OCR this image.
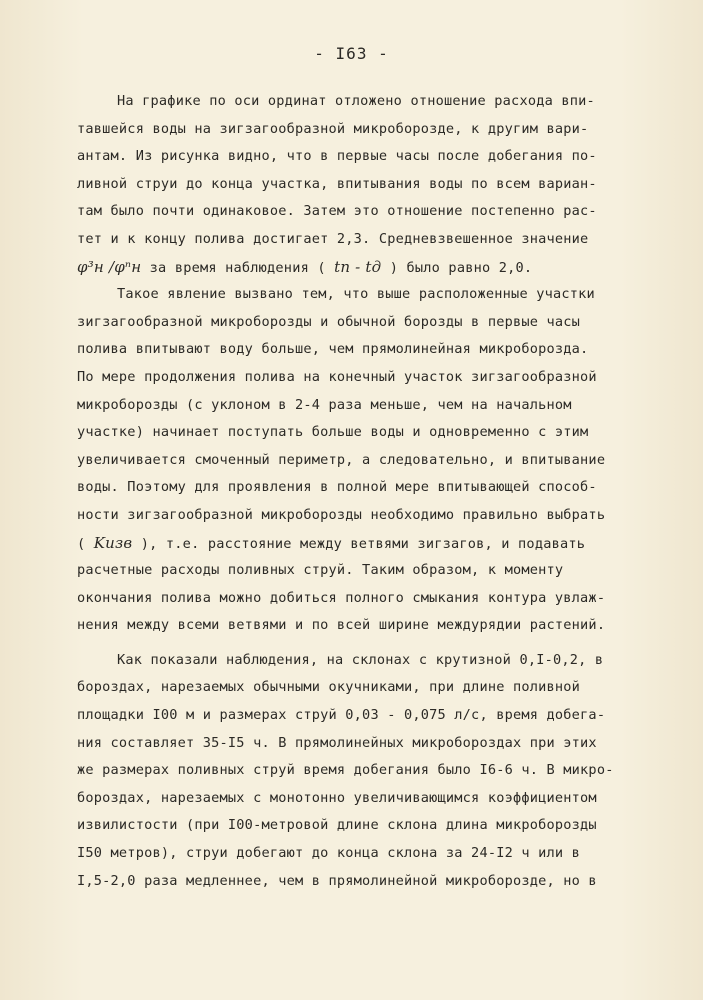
- I63 -
На графике по оси ординат отложено отношение расхода впи-
тавшейся воды на зигзагообразной микроборозде, к другим вари-
антам. Из рисунка видно, что в первые часы после добегания по-
ливной струи до конца участка, впитывания воды по всем вариан-
там было почти одинаковое. Затем это отношение постепенно рас-
тет и к концу полива достигает 2,3. Средневзвешенное значение
φ³н /φⁿн за время наблюдения ( tп - tд ) было равно 2,0.
Такое явление вызвано тем, что выше расположенные участки
зигзагообразной микроборозды и обычной борозды в первые часы
полива впитывают воду больше, чем прямолинейная микроборозда.
По мере продолжения полива на конечный участок зигзагообразной
микроборозды (с уклоном в 2-4 раза меньше, чем на начальном
участке) начинает поступать больше воды и одновременно с этим
увеличивается смоченный периметр, а следовательно, и впитывание
воды. Поэтому для проявления в полной мере впитывающей способ-
ности зигзагообразной микроборозды необходимо правильно выбрать
( Kизв ), т.е. расстояние между ветвями зигзагов, и подавать
расчетные расходы поливных струй. Таким образом, к моменту
окончания полива можно добиться полного смыкания контура увлаж-
нения между всеми ветвями и по всей ширине междурядии растений.
Как показали наблюдения, на склонах с крутизной 0,I-0,2, в
бороздах, нарезаемых обычными окучниками, при длине поливной
площадки I00 м и размерах струй 0,03 - 0,075 л/с, время добега-
ния составляет 35-I5 ч. В прямолинейных микробороздах при этих
же размерах поливных струй время добегания было I6-6 ч. В микро-
бороздах, нарезаемых с монотонно увеличивающимся коэффициентом
извилистости (при I00-метровой длине склона длина микроборозды
I50 метров), струи добегают до конца склона за 24-I2 ч или в
I,5-2,0 раза медленнее, чем в прямолинейной микроборозде, но в
